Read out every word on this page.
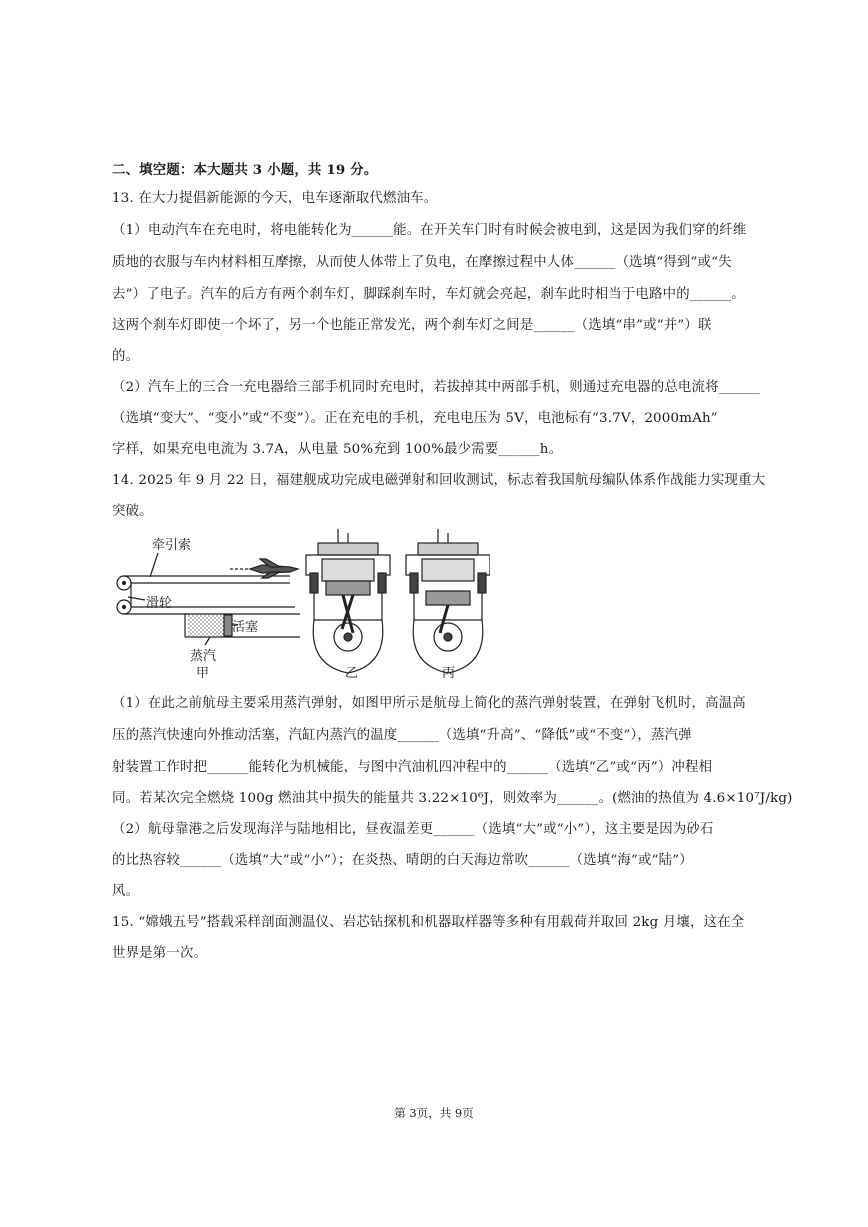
二、填空题：本大题共 3 小题，共 19 分。
13. 在大力提倡新能源的今天，电车逐渐取代燃油车。
（1）电动汽车在充电时，将电能转化为______能。在开关车门时有时候会被电到，这是因为我们穿的纤维
质地的衣服与车内材料相互摩擦，从而使人体带上了负电，在摩擦过程中人体______（选填“得到”或“失
去”）了电子。汽车的后方有两个刹车灯，脚踩刹车时，车灯就会亮起，刹车此时相当于电路中的______。
这两个刹车灯即使一个坏了，另一个也能正常发光，两个刹车灯之间是______（选填“串”或“并”）联
的。
（2）汽车上的三合一充电器给三部手机同时充电时，若拔掉其中两部手机，则通过充电器的总电流将______
（选填“变大”、“变小”或“不变”）。正在充电的手机，充电电压为 5V，电池标有“3.7V，2000mAh”
字样，如果充电电流为 3.7A，从电量 50%充到 100%最少需要______h。
14. 2025 年 9 月 22 日，福建舰成功完成电磁弹射和回收测试，标志着我国航母编队体系作战能力实现重大
突破。
牵引索
滑轮
活塞
蒸汽
甲	乙	丙
（1）在此之前航母主要采用蒸汽弹射，如图甲所示是航母上简化的蒸汽弹射装置，在弹射飞机时，高温高
压的蒸汽快速向外推动活塞，汽缸内蒸汽的温度______（选填“升高”、“降低”或“不变”），蒸汽弹
射装置工作时把______能转化为机械能，与图中汽油机四冲程中的______（选填“乙”或“丙”）冲程相
同。若某次完全燃烧 100g 燃油其中损失的能量共 3.22×10⁶J，则效率为______。(燃油的热值为 4.6×10⁷J/kg)
（2）航母靠港之后发现海洋与陆地相比，昼夜温差更______（选填“大”或“小”），这主要是因为砂石
的比热容较______（选填“大”或“小”）；在炎热、晴朗的白天海边常吹______（选填“海”或“陆”）
风。
15. “嫦娥五号”搭载采样剖面测温仪、岩芯钻探机和机器取样器等多种有用载荷并取回 2kg 月壤，这在全
世界是第一次。
第 3页，共 9页
